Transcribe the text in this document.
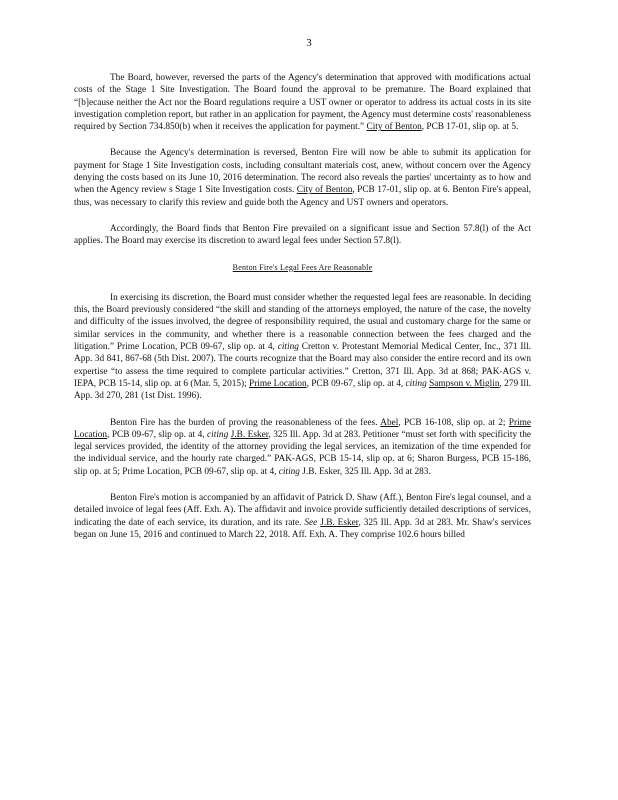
3

The Board, however, reversed the parts of the Agency's determination that approved with modifications actual costs of the Stage 1 Site Investigation. The Board found the approval to be premature. The Board explained that “[b]ecause neither the Act nor the Board regulations require a UST owner or operator to address its actual costs in its site investigation completion report, but rather in an application for payment, the Agency must determine costs' reasonableness required by Section 734.850(b) when it receives the application for payment.” City of Benton, PCB 17-01, slip op. at 5.

Because the Agency's determination is reversed, Benton Fire will now be able to submit its application for payment for Stage 1 Site Investigation costs, including consultant materials cost, anew, without concern over the Agency denying the costs based on its June 10, 2016 determination. The record also reveals the parties' uncertainty as to how and when the Agency review s Stage 1 Site Investigation costs. City of Benton, PCB 17-01, slip op. at 6. Benton Fire's appeal, thus, was necessary to clarify this review and guide both the Agency and UST owners and operators.

Accordingly, the Board finds that Benton Fire prevailed on a significant issue and Section 57.8(l) of the Act applies. The Board may exercise its discretion to award legal fees under Section 57.8(l).

Benton Fire's Legal Fees Are Reasonable

In exercising its discretion, the Board must consider whether the requested legal fees are reasonable. In deciding this, the Board previously considered “the skill and standing of the attorneys employed, the nature of the case, the novelty and difficulty of the issues involved, the degree of responsibility required, the usual and customary charge for the same or similar services in the community, and whether there is a reasonable connection between the fees charged and the litigation.” Prime Location, PCB 09-67, slip op. at 4, citing Cretton v. Protestant Memorial Medical Center, Inc., 371 Ill. App. 3d 841, 867-68 (5th Dist. 2007). The courts recognize that the Board may also consider the entire record and its own expertise “to assess the time required to complete particular activities.” Cretton, 371 Ill. App. 3d at 868; PAK-AGS v. IEPA, PCB 15-14, slip op. at 6 (Mar. 5, 2015); Prime Location, PCB 09-67, slip op. at 4, citing Sampson v. Miglin, 279 Ill. App. 3d 270, 281 (1st Dist. 1996).

Benton Fire has the burden of proving the reasonableness of the fees. Abel, PCB 16-108, slip op. at 2; Prime Location, PCB 09-67, slip op. at 4, citing J.B. Esker, 325 Ill. App. 3d at 283. Petitioner “must set forth with specificity the legal services provided, the identity of the attorney providing the legal services, an itemization of the time expended for the individual service, and the hourly rate charged.” PAK-AGS, PCB 15-14, slip op. at 6; Sharon Burgess, PCB 15-186, slip op. at 5; Prime Location, PCB 09-67, slip op. at 4, citing J.B. Esker, 325 Ill. App. 3d at 283.

Benton Fire's motion is accompanied by an affidavit of Patrick D. Shaw (Aff.), Benton Fire's legal counsel, and a detailed invoice of legal fees (Aff. Exh. A). The affidavit and invoice provide sufficiently detailed descriptions of services, indicating the date of each service, its duration, and its rate. See J.B. Esker, 325 Ill. App. 3d at 283. Mr. Shaw's services began on June 15, 2016 and continued to March 22, 2018. Aff. Exh. A. They comprise 102.6 hours billed
